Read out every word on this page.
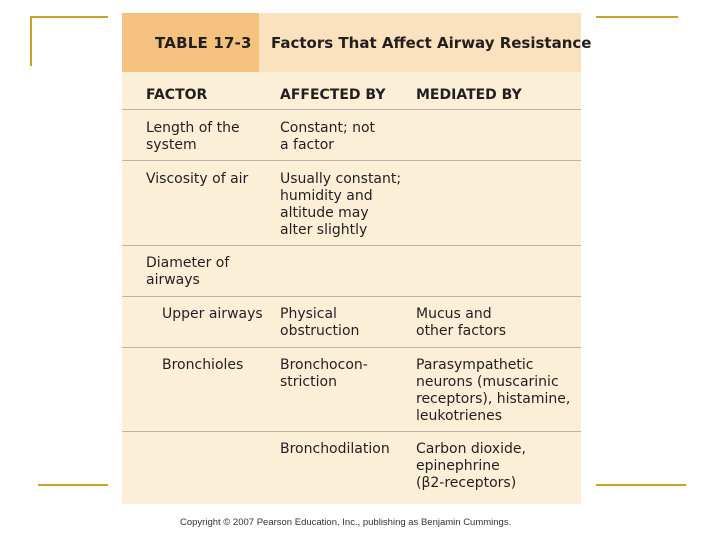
TABLE 17-3 Factors That Affect Airway Resistance
FACTOR	AFFECTED BY MEDIATED BY
Length of the
system
Constant; not
a factor
Viscosity of air Usually constant;
humidity and
altitude may
alter slightly
Diameter of
airways
Upper airways Physical
obstruction
Mucus and
other factors
Bronchioles	Bronchocon-
striction
Parasympathetic
neurons (muscarinic
receptors), histamine,
leukotrienes
Bronchodilation Carbon dioxide,
epinephrine
(β2-receptors)
Copyright © 2007 Pearson Education, Inc., publishing as Benjamin Cummings.
